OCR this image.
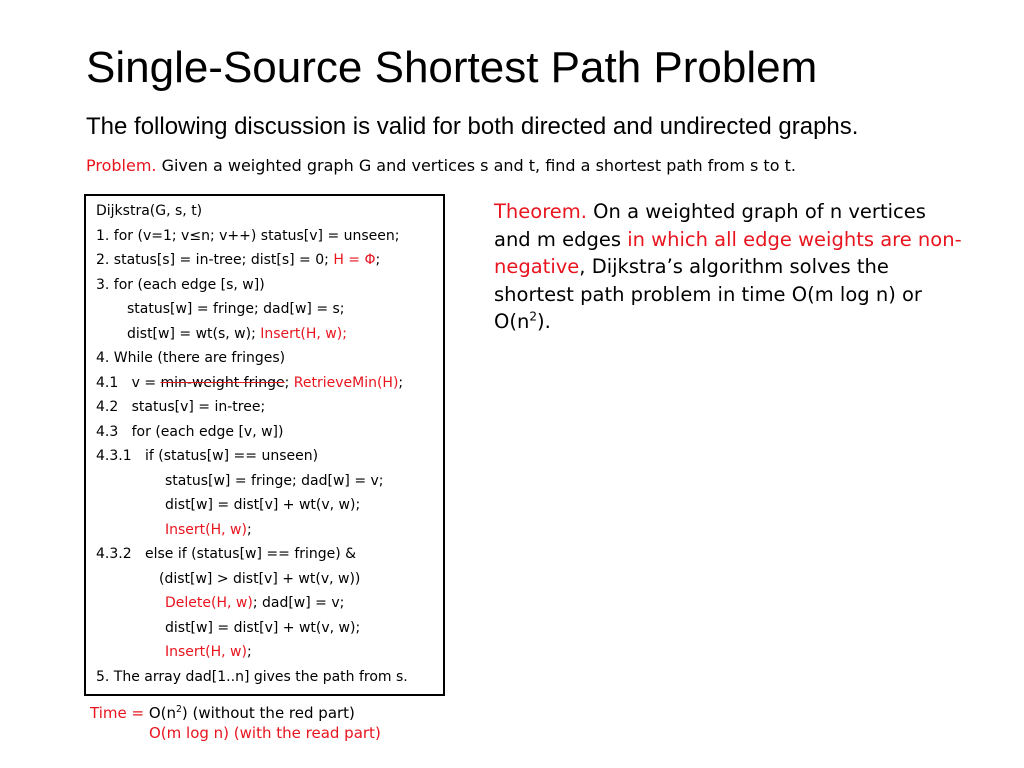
Single-Source Shortest Path Problem
The following discussion is valid for both directed and undirected graphs.
Problem. Given a weighted graph G and vertices s and t, find a shortest path from s to t.
Dijkstra(G, s, t)
1. for (v=1; v≤n; v++) status[v] = unseen;
2. status[s] = in-tree; dist[s] = 0; H = Φ;
3. for (each edge [s, w])
status[w] = fringe; dad[w] = s;
dist[w] = wt(s, w); Insert(H, w);
4. While (there are fringes)
4.1   v = min-weight fringe; RetrieveMin(H);
4.2   status[v] = in-tree;
4.3   for (each edge [v, w])
4.3.1   if (status[w] == unseen)
status[w] = fringe; dad[w] = v;
dist[w] = dist[v] + wt(v, w);
Insert(H, w);
4.3.2   else if (status[w] == fringe) &
(dist[w] > dist[v] + wt(v, w))
Delete(H, w); dad[w] = v;
dist[w] = dist[v] + wt(v, w);
Insert(H, w);
5. The array dad[1..n] gives the path from s.
Theorem. On a weighted graph of n vertices and m edges in which all edge weights are non-negative, Dijkstra’s algorithm solves the shortest path problem in time O(m log n) or $O(n^2)$.
Time = $O(n^2)$ (without the red part)
O(m log n) (with the read part)
